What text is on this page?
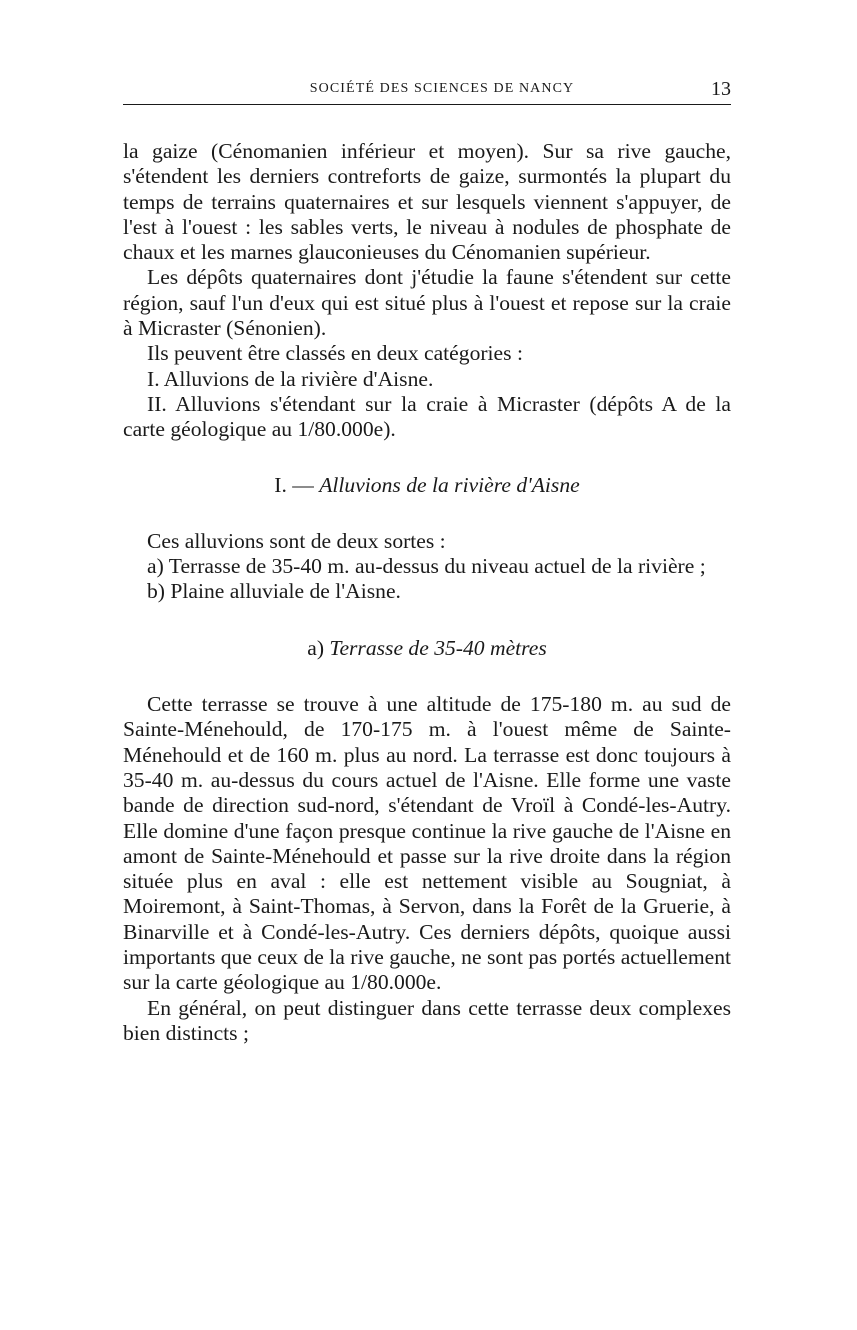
SOCIÉTÉ DES SCIENCES DE NANCY	13

la gaize (Cénomanien inférieur et moyen). Sur sa rive gauche, s'étendent les derniers contreforts de gaize, surmontés la plupart du temps de terrains quaternaires et sur lesquels viennent s'appuyer, de l'est à l'ouest : les sables verts, le niveau à nodules de phosphate de chaux et les marnes glauconieuses du Cénomanien supérieur.

Les dépôts quaternaires dont j'étudie la faune s'étendent sur cette région, sauf l'un d'eux qui est situé plus à l'ouest et repose sur la craie à Micraster (Sénonien).

Ils peuvent être classés en deux catégories :

I. Alluvions de la rivière d'Aisne.

II. Alluvions s'étendant sur la craie à Micraster (dépôts A de la carte géologique au 1/80.000e).

I. — Alluvions de la rivière d'Aisne

Ces alluvions sont de deux sortes :

a) Terrasse de 35-40 m. au-dessus du niveau actuel de la rivière ;

b) Plaine alluviale de l'Aisne.

a) Terrasse de 35-40 mètres

Cette terrasse se trouve à une altitude de 175-180 m. au sud de Sainte-Ménehould, de 170-175 m. à l'ouest même de Sainte-Ménehould et de 160 m. plus au nord. La terrasse est donc toujours à 35-40 m. au-dessus du cours actuel de l'Aisne. Elle forme une vaste bande de direction sud-nord, s'étendant de Vroïl à Condé-les-Autry. Elle domine d'une façon presque continue la rive gauche de l'Aisne en amont de Sainte-Ménehould et passe sur la rive droite dans la région située plus en aval : elle est nettement visible au Sougniat, à Moiremont, à Saint-Thomas, à Servon, dans la Forêt de la Gruerie, à Binarville et à Condé-les-Autry. Ces derniers dépôts, quoique aussi importants que ceux de la rive gauche, ne sont pas portés actuellement sur la carte géologique au 1/80.000e.

En général, on peut distinguer dans cette terrasse deux complexes bien distincts ;
